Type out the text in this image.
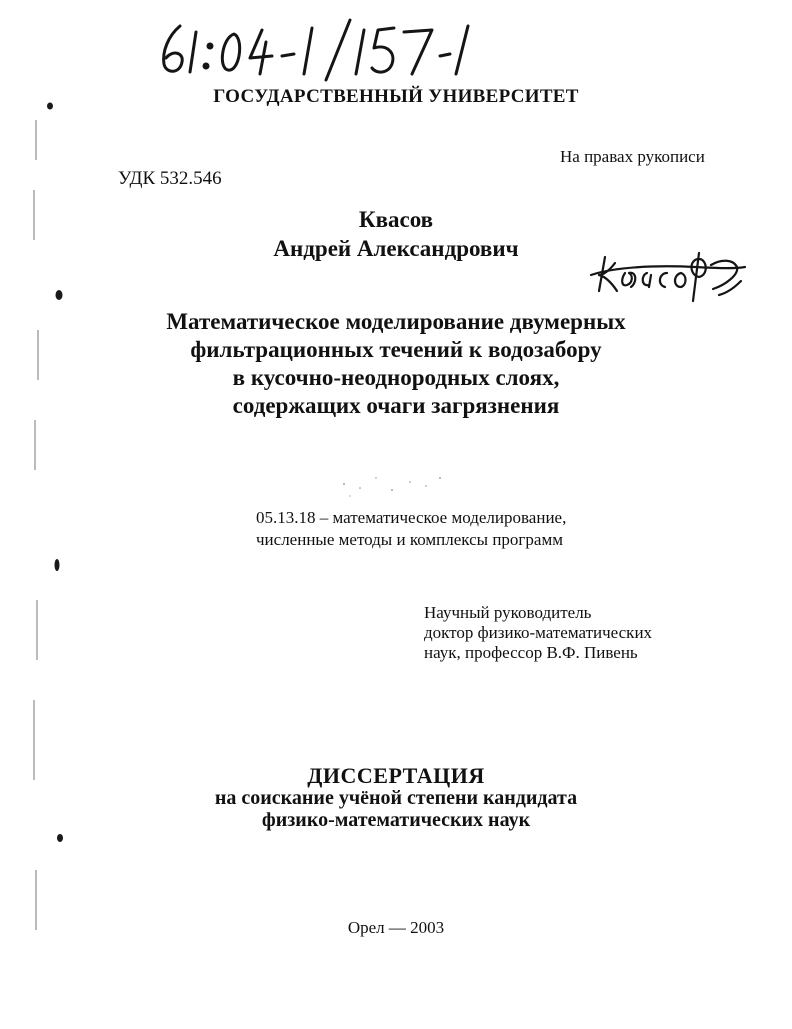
ГОСУДАРСТВЕННЫЙ УНИВЕРСИТЕТ
На правах рукописи
УДК 532.546
Квасов
Андрей Александрович
Математическое моделирование двумерных
фильтрационных течений к водозабору
в кусочно-неоднородных слоях,
содержащих очаги загрязнения
05.13.18 – математическое моделирование,
численные методы и комплексы программ
Научный руководитель
доктор физико-математических
наук, профессор В.Ф. Пивень
ДИССЕРТАЦИЯ
на соискание учёной степени кандидата
физико-математических наук
Орел — 2003
